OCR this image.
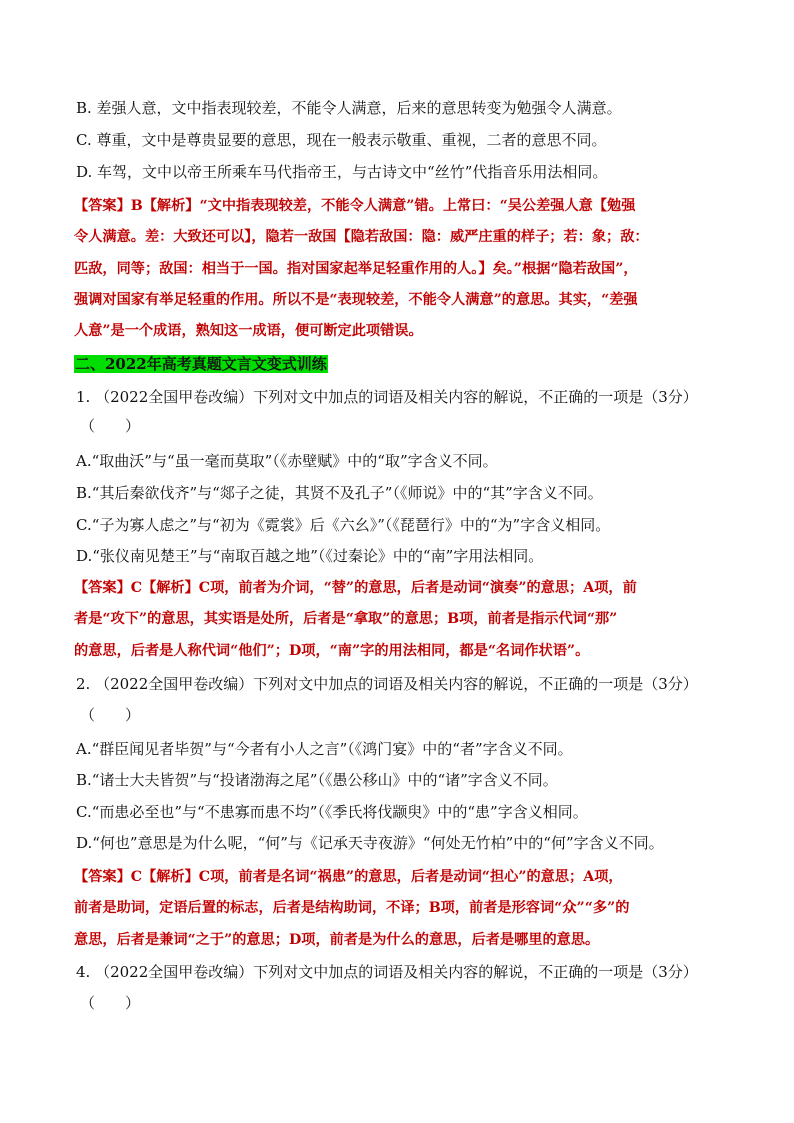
B. 差强人意，文中指表现较差，不能令人满意，后来的意思转变为勉强令人满意。
C. 尊重，文中是尊贵显要的意思，现在一般表示敬重、重视，二者的意思不同。
D. 车驾，文中以帝王所乘车马代指帝王，与古诗文中“丝竹”代指音乐用法相同。

【答案】B【解析】“文中指表现较差，不能令人满意”错。上常曰：“吴公差强人意【勉强

令人满意。差：大致还可以】，隐若一敌国【隐若敌国：隐：威严庄重的样子；若：象；敌：

匹敌，同等；敌国：相当于一国。指对国家起举足轻重作用的人。】矣。”根据“隐若敌国”，

强调对国家有举足轻重的作用。所以不是“表现较差，不能令人满意”的意思。其实，“差强

人意”是一个成语，熟知这一成语，便可断定此项错误。

二、2022年高考真题文言文变式训练
1. （2022全国甲卷改编）下列对文中加点的词语及相关内容的解说，不正确的一项是（3分）
（　　）
A.“取曲沃”与“虽一毫而莫取”（《赤壁赋》中的“取”字含义不同。
B.“其后秦欲伐齐”与“郯子之徒，其贤不及孔子”（《师说》中的“其”字含义不同。
C.“子为寡人虑之”与“初为《霓裳》后《六幺》”（《琵琶行》中的“为”字含义相同。
D.“张仪南见楚王”与“南取百越之地”（《过秦论》中的“南”字用法相同。

【答案】C【解析】C项，前者为介词，“替”的意思，后者是动词“演奏”的意思；A项，前

者是“攻下”的意思，其实语是处所，后者是“拿取”的意思；B项，前者是指示代词“那”

的意思，后者是人称代词“他们”；D项，“南”字的用法相同，都是“名词作状语”。

2. （2022全国甲卷改编）下列对文中加点的词语及相关内容的解说，不正确的一项是（3分）
（　　）
A.“群臣闻见者毕贺”与“今者有小人之言”（《鸿门宴》中的“者”字含义不同。
B.“诸士大夫皆贺”与“投诸渤海之尾”（《愚公移山》中的“诸”字含义不同。
C.“而患必至也”与“不患寡而患不均”（《季氏将伐颛臾》中的“患”字含义相同。
D.“何也”意思是为什么呢，“何”与《记承天寺夜游》“何处无竹柏”中的“何”字含义不同。

【答案】C【解析】C项，前者是名词“祸患”的意思，后者是动词“担心”的意思；A项，

前者是助词，定语后置的标志，后者是结构助词，不译；B项，前者是形容词“众”“多”的

意思，后者是兼词“之于”的意思；D项，前者是为什么的意思，后者是哪里的意思。

4. （2022全国甲卷改编）下列对文中加点的词语及相关内容的解说，不正确的一项是（3分）
（　　）
